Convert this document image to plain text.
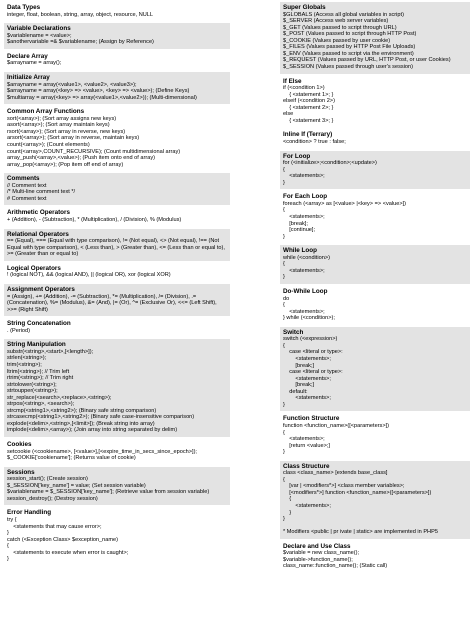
Data Types
integer, float, boolean, string, array, object, resource, NULL
Variable Declarations
$variablename = <value>;
$anothervariable =& $variablename; (Assign by Reference)
Declare Array
$arrayname = array();
Initialize Array
$arrayname = array(<value1>, <value2>, <value3>);
$arrayname = array(<key> => <value>, <key> => <value>); (Define Keys)
$multiarray = array(<key> => array(<value1>,<value2>)); (Multi-dimensional)
Common Array Functions
sort(<array>); (Sort array assigns new keys)
asort(<array>); (Sort array maintain keys)
rsort(<array>); (Sort array in reverse, new keys)
arsort(<array>); (Sort array in reverse, maintain keys)
count(<array>); (Count elements)
count(<array>,COUNT_RECURSIVE); (Count multidimensional array)
array_push(<array>,<value>); (Push item onto end of array)
array_pop(<array>); (Pop item off end of array)
Comments
// Comment text
/* Multi-line comment text */
# Comment text
Arithmetic Operators
+ (Addition), - (Subtraction), * (Multiplication), / (Division), % (Modulus)
Relational Operators
== (Equal), === (Equal with type comparison), != (Not equal), <> (Not equal), !== (Not Equal with type comparison), < (Less than), > (Greater than), <= (Less than or equal to), >= (Greater than or equal to)
Logical Operators
! (logical NOT), && (logical AND), || (logical OR), xor (logical XOR)
Assignment Operators
= (Assign), += (Addition), -= (Subtraction), *= (Multiplication), /= (Division), .= (Concatenation), %= (Modulus), &= (And), |= (Or), ^= (Exclusive Or), <<= (Left Shift), >>= (Right Shift)
String Concatenation
. (Period)
String Manipulation
substr(<string>,<start>,[<length>]);
strlen(<string>);
trim(<string>);
ltrim(<string>); // Trim left
rtrim(<string>); // Trim right
strtolower(<string>);
strtoupper(<string>);
str_replace(<search>,<replace>,<string>);
strpos(<string>, <search>);
strcmp(<string1>,<string2>); (Binary safe string comparison)
strcasecmp(<string1>,<string2>); (Binary safe case-insensitive comparison)
explode(<delim>,<string>,[<limit>]); (Break string into array)
implode(<delim>,<array>); (Join array into string separated by delim)
Cookies
setcookie (<cookiename>, [<value>],[<expire_time_in_secs_since_epoch>]);
$_COOKIE['cookiename']; (Returns value of cookie)
Sessions
session_start(); (Create session)
$_SESSION['key_name'] = value; (Set session variable)
$variablename = $_SESSION['key_name']; (Retrieve value from session variable)
session_destroy(); (Destroy session)
Error Handling
try {
<statements that may cause error>;
}
catch (<Exception Class> $exception_name)
{
<statements to execute when error is caught>;
}
Super Globals
$GLOBALS (Access all global variables in script)
$_SERVER (Access web server variables)
$_GET (Values passed to script through URL)
$_POST (Values passed to script through HTTP Post)
$_COOKIE (Values passed by user cookie)
$_FILES (Values passed by HTTP Post File Uploads)
$_ENV (Values passed to script via the environment)
$_REQUEST (Values passed by URL, HTTP Post, or user Cookies)
$_SESSION (Values passed through user's session)
If Else
if (<condition 1>)
{ <statement 1>; }
elseif (<condition 2>)
{ <statement 2>; }
else
{ <statement 3>; }
Inline If (Terrary)
<condition> ? true : false;
For Loop
for (<initialize>;<condition>;<update>)
{
<statements>;
}
For Each Loop
foreach (<array> as [<value> |<key> => <value>])
{
<statements>;
[break];
[continue];
}
While Loop
while (<condition>)
{
<statements>;
}
Do-While Loop
do
{
<statements>;
} while (<condition>);
Switch
switch (<expression>)
{
case <literal or type>:
<statements>;
[break;]
case <literal or type>:
<statements>;
[break;]
default:
<statements>;
}
Function Structure
function <function_name>([<parameters>])
{
<statements>;
[return <value>;]
}
Class Structure
class <class_name> [extends base_class]
{
[var | <modifiers*>] <class member variables>;
[<modifiers*>] function <function_name>([<parameters>])
{
<statements>;
}
}

* Modifiers <public | pr ivate | static> are implemented in PHP5
Declare and Use Class
$variable = new class_name();
$variable->function_name();
class_name::function_name(); (Static call)
